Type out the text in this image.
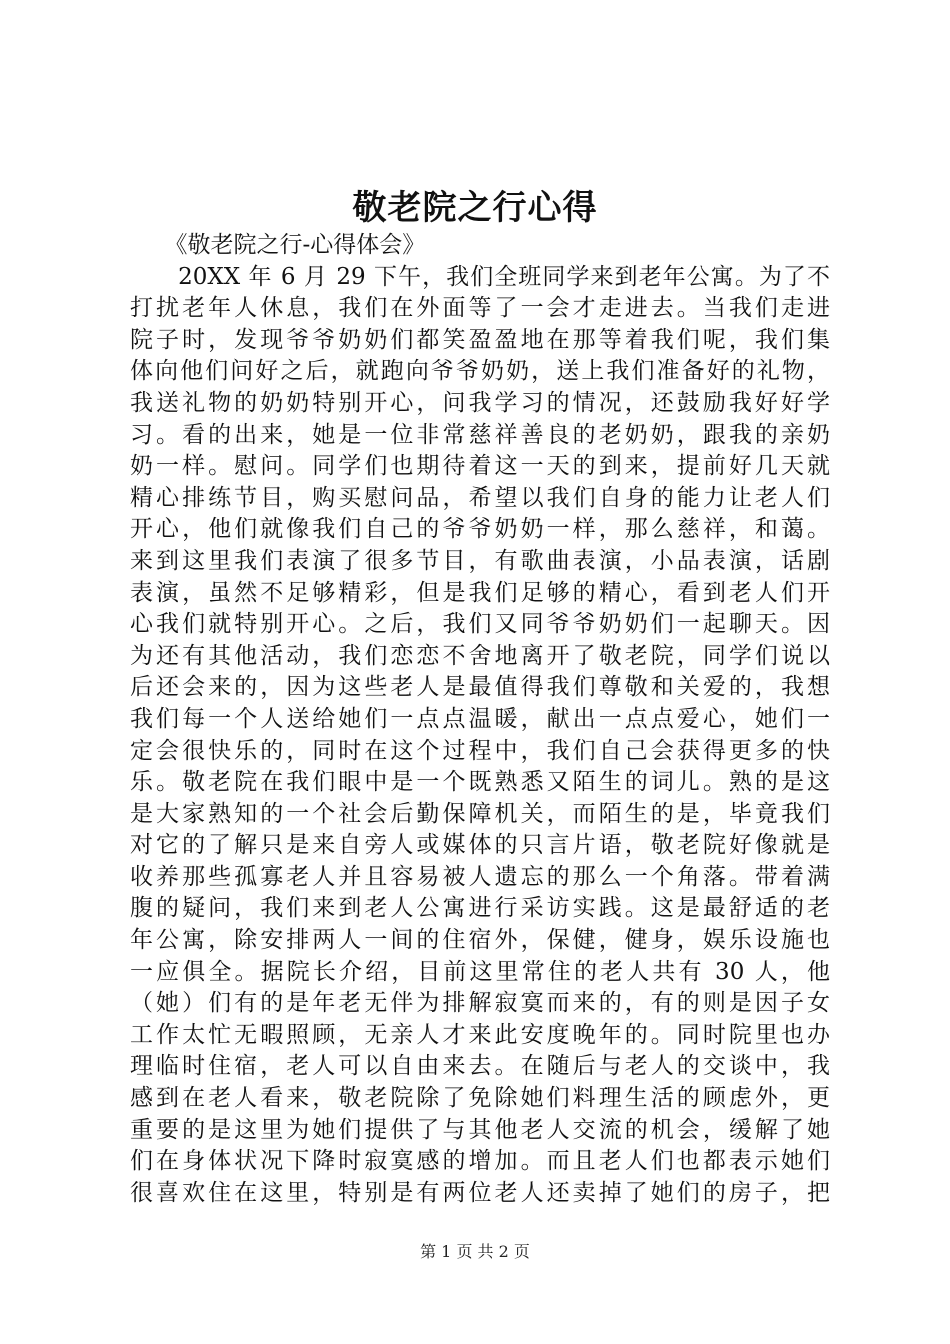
敬老院之行心得
　　《敬老院之行-心得体会》
　　20XX 年 6 月 29 下午，我们全班同学来到老年公寓。为了不
打扰老年人休息，我们在外面等了一会才走进去。当我们走进
院子时，发现爷爷奶奶们都笑盈盈地在那等着我们呢，我们集
体向他们问好之后，就跑向爷爷奶奶，送上我们准备好的礼物，
我送礼物的奶奶特别开心，问我学习的情况，还鼓励我好好学
习。看的出来，她是一位非常慈祥善良的老奶奶，跟我的亲奶
奶一样。慰问。同学们也期待着这一天的到来，提前好几天就
精心排练节目，购买慰问品，希望以我们自身的能力让老人们
开心，他们就像我们自己的爷爷奶奶一样，那么慈祥，和蔼。
来到这里我们表演了很多节目，有歌曲表演，小品表演，话剧
表演，虽然不足够精彩，但是我们足够的精心，看到老人们开
心我们就特别开心。之后，我们又同爷爷奶奶们一起聊天。因
为还有其他活动，我们恋恋不舍地离开了敬老院，同学们说以
后还会来的，因为这些老人是最值得我们尊敬和关爱的，我想
我们每一个人送给她们一点点温暖，献出一点点爱心，她们一
定会很快乐的，同时在这个过程中，我们自己会获得更多的快
乐。敬老院在我们眼中是一个既熟悉又陌生的词儿。熟的是这
是大家熟知的一个社会后勤保障机关，而陌生的是，毕竟我们
对它的了解只是来自旁人或媒体的只言片语，敬老院好像就是
收养那些孤寡老人并且容易被人遗忘的那么一个角落。带着满
腹的疑问，我们来到老人公寓进行采访实践。这是最舒适的老
年公寓，除安排两人一间的住宿外，保健，健身，娱乐设施也
一应俱全。据院长介绍，目前这里常住的老人共有 30 人，他
（她）们有的是年老无伴为排解寂寞而来的，有的则是因子女
工作太忙无暇照顾，无亲人才来此安度晚年的。同时院里也办
理临时住宿，老人可以自由来去。在随后与老人的交谈中，我
感到在老人看来，敬老院除了免除她们料理生活的顾虑外，更
重要的是这里为她们提供了与其他老人交流的机会，缓解了她
们在身体状况下降时寂寞感的增加。而且老人们也都表示她们
很喜欢住在这里，特别是有两位老人还卖掉了她们的房子，把
第 1 页 共 2 页
